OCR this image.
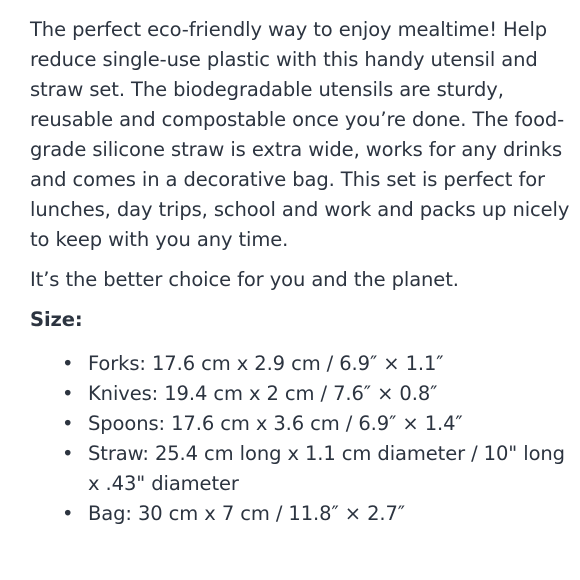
The perfect eco-friendly way to enjoy mealtime! Help reduce single-use plastic with this handy utensil and straw set. The biodegradable utensils are sturdy, reusable and compostable once you’re done. The food-grade silicone straw is extra wide, works for any drinks and comes in a decorative bag. This set is perfect for lunches, day trips, school and work and packs up nicely to keep with you any time.

It’s the better choice for you and the planet.

Size:
• Forks: 17.6 cm x 2.9 cm / 6.9″ × 1.1″
• Knives: 19.4 cm x 2 cm / 7.6″ × 0.8″
• Spoons: 17.6 cm x 3.6 cm / 6.9″ × 1.4″
• Straw: 25.4 cm long x 1.1 cm diameter / 10" long x .43" diameter
• Bag: 30 cm x 7 cm / 11.8″ × 2.7″
